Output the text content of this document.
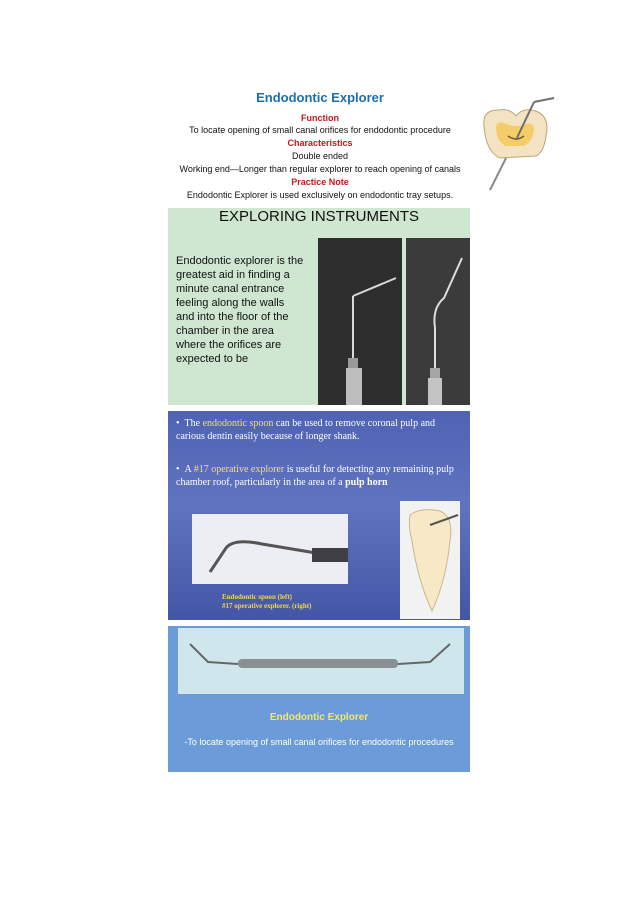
Endodontic Explorer
Function
To locate opening of small canal orifices for endodontic procedure
Characteristics
Double ended
Working end—Longer than regular explorer to reach opening of canals
Practice Note
Endodontic Explorer is used exclusively on endodontic tray setups.
EXPLORING INSTRUMENTS
Endodontic explorer is the greatest aid in finding a minute canal entrance feeling along the walls and into the floor of the chamber in the area where the orifices are expected to be
•  The endodontic spoon can be used to remove coronal pulp and carious dentin easily because of longer shank.
•  A #17 operative explorer is useful for detecting any remaining pulp chamber roof, particularly in the area of a pulp horn
Endodontic spoon (left)
#17 operative explorer. (right)
Endodontic Explorer
-To locate opening of small canal orifices for endodontic procedures
